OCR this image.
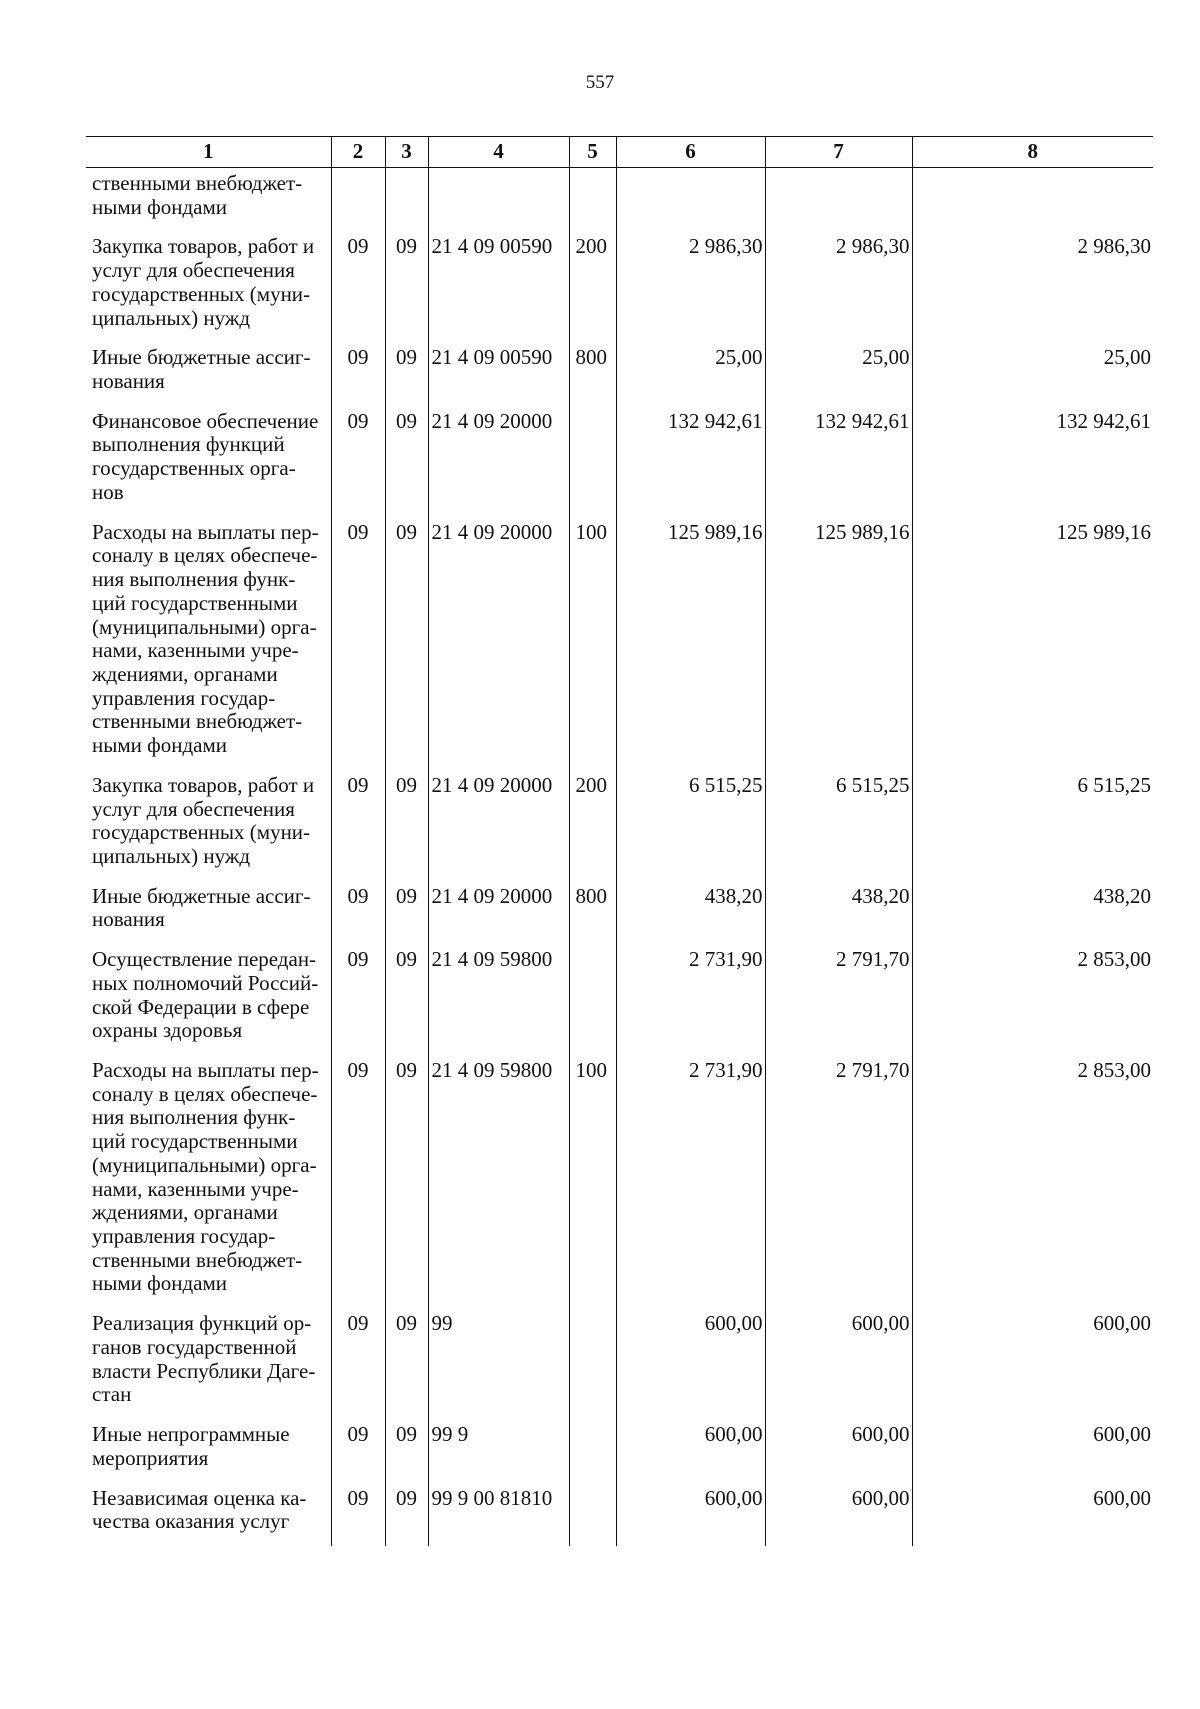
557
1	2	3	4	5	6	7	8
ственными внебюджет-ными фондами							
Закупка товаров, работ и услуг для обеспечения государственных (муни-ципальных) нужд	09	09	21 4 09 00590	200	2 986,30	2 986,30	2 986,30
Иные бюджетные ассиг-нования	09	09	21 4 09 00590	800	25,00	25,00	25,00
Финансовое обеспечение выполнения функций государственных орга-нов	09	09	21 4 09 20000		132 942,61	132 942,61	132 942,61
Расходы на выплаты пер-соналу в целях обеспече-ния выполнения функ-ций государственными (муниципальными) орга-нами, казенными учре-ждениями, органами управления государ-ственными внебюджет-ными фондами	09	09	21 4 09 20000	100	125 989,16	125 989,16	125 989,16
Закупка товаров, работ и услуг для обеспечения государственных (муни-ципальных) нужд	09	09	21 4 09 20000	200	6 515,25	6 515,25	6 515,25
Иные бюджетные ассиг-нования	09	09	21 4 09 20000	800	438,20	438,20	438,20
Осуществление передан-ных полномочий Россий-ской Федерации в сфере охраны здоровья	09	09	21 4 09 59800		2 731,90	2 791,70	2 853,00
Расходы на выплаты пер-соналу в целях обеспече-ния выполнения функ-ций государственными (муниципальными) орга-нами, казенными учре-ждениями, органами управления государ-ственными внебюджет-ными фондами	09	09	21 4 09 59800	100	2 731,90	2 791,70	2 853,00
Реализация функций ор-ганов государственной власти Республики Даге-стан	09	09	99		600,00	600,00	600,00
Иные непрограммные мероприятия	09	09	99 9		600,00	600,00	600,00
Независимая оценка ка-чества оказания услуг	09	09	99 9 00 81810		600,00	600,00	600,00
